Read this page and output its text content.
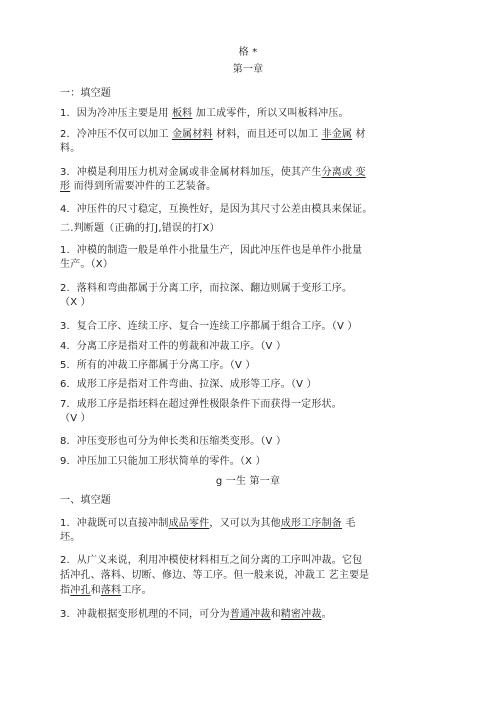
格 *
第一章
一：填空题
1．因为冷冲压主要是用 板料 加工成零件，所以又叫板料冲压。
2．冷冲压不仅可以加工 金属材料 材料，而且还可以加工 非金属 材
料。
3．冲模是利用压力机对金属或非金属材料加压，使其产生分离或 变
形 而得到所需要冲件的工艺装备。
4．冲压件的尺寸稳定，互换性好，是因为其尺寸公差由模具来保证。
二.判断题（正确的打J,错误的打X）
1．冲模的制造一般是单件小批量生产，因此冲压件也是单件小批量
生产。（X）
2．落料和弯曲都属于分离工序，而拉深、翻边则属于变形工序。
（X ）
3．复合工序、连续工序、复合一连续工序都属于组合工序。（V ）
4．分离工序是指对工件的剪裁和冲裁工序。（V ）
5．所有的冲裁工序都属于分离工序。（V ）
6．成形工序是指对工件弯曲、拉深、成形等工序。（V ）
7．成形工序是指坯料在超过弹性极限条件下而获得一定形状。
（V ）
8．冲压变形也可分为伸长类和压缩类变形。（V ）
9．冲压加工只能加工形状简单的零件。（X ）
g 一生 第一章
一、填空题
1．冲裁既可以直接冲制成品零件，又可以为其他成形工序制备 毛
坯。
2．从广义来说，利用冲模使材料相互之间分离的工序叫冲裁。它包
括冲孔、落料、切断、修边、等工序。但一般来说，冲裁工 艺主要是
指冲孔和落料工序。
3．冲裁根据变形机理的不同，可分为普通冲裁和精密冲裁。
